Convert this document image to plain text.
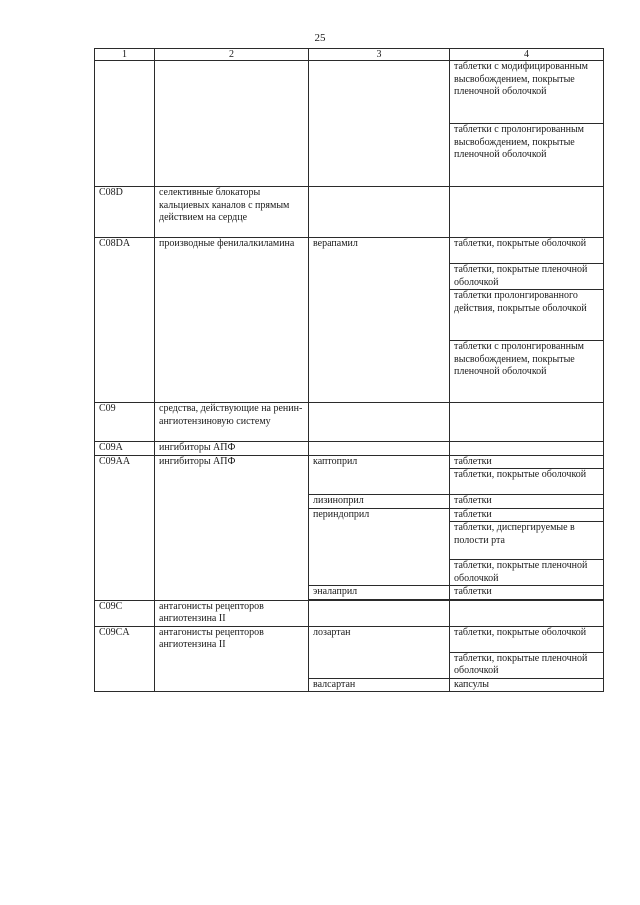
25
1	2	3	4
			таблетки с модифицированным высвобождением, покрытые пленочной оболочкой
			таблетки с пролонгированным высвобождением, покрытые пленочной оболочкой
C08D	селективные блокаторы кальциевых каналов с прямым действием на сердце		
C08DA	производные фенилалкиламина	верапамил	таблетки, покрытые оболочкой
			таблетки, покрытые пленочной оболочкой
			таблетки пролонгированного действия, покрытые оболочкой
			таблетки с пролонгированным высвобождением, покрытые пленочной оболочкой
C09	средства, действующие на ренин-ангиотензиновую систему		
C09A	ингибиторы АПФ		
C09AA	ингибиторы АПФ	каптоприл	таблетки
			таблетки, покрытые оболочкой
		лизиноприл	таблетки
		периндоприл	таблетки
			таблетки, диспергируемые в полости рта
			таблетки, покрытые пленочной оболочкой
		эналаприл	таблетки

C09C	антагонисты рецепторов ангиотензина II		
C09CA	антагонисты рецепторов ангиотензина II	лозартан	таблетки, покрытые оболочкой
			таблетки, покрытые пленочной оболочкой
		валсартан	капсулы
